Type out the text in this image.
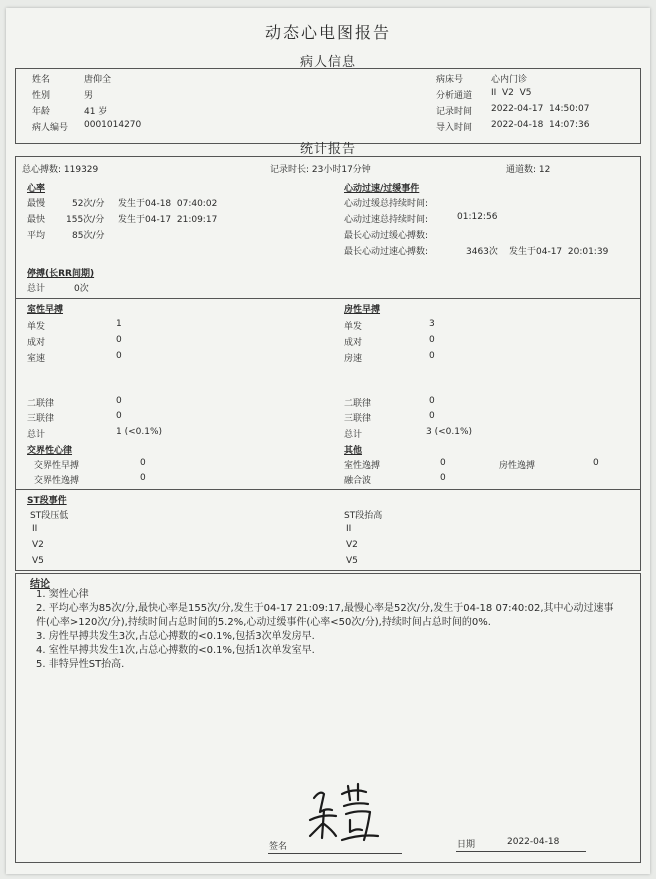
动态心电图报告
病人信息
姓名	唐仰全
性别	男
年龄	41 岁
病人编号 0001014270
病床号	心内门诊
分析通道 II  V2  V5
记录时间 2022-04-17  14:50:07
导入时间 2022-04-18  14:07:36
统计报告
总心搏数: 119329	记录时长: 23小时17分钟	通道数: 12
心率
最慢	52次/分 发生于04-18  07:40:02
最快 155次/分 发生于04-17  21:09:17
平均	85次/分
心动过速/过缓事件
心动过缓总持续时间:
心动过速总持续时间:	01:12:56
最长心动过缓心搏数:
最长心动过速心搏数:	3463次 发生于04-17  20:01:39
停搏(长RR间期)
总计	0次
室性早搏
单发	1
成对	0
室速	0
二联律	0
三联律	0
总计	1 (<0.1%)
房性早搏
单发	3
成对	0
房速	0
二联律	0
三联律	0
总计	3 (<0.1%)
交界性心律
交界性早搏	0
交界性逸搏	0
其他
室性逸搏	0	房性逸搏	0
融合波	0
ST段事件
ST段压低
II
V2
V5
ST段抬高
II
V2
V5
结论
1. 窦性心律
2. 平均心率为85次/分,最快心率是155次/分,发生于04-17 21:09:17,最慢心率是52次/分,发生于04-18 07:40:02,其中心动过速事件(心率>120次/分),持续时间占总时间的5.2%,心动过缓事件(心率<50次/分),持续时间占总时间的0%.
3. 房性早搏共发生3次,占总心搏数的<0.1%,包括3次单发房早.
4. 室性早搏共发生1次,占总心搏数的<0.1%,包括1次单发室早.
5. 非特异性ST抬高.
签名	日期	2022-04-18
